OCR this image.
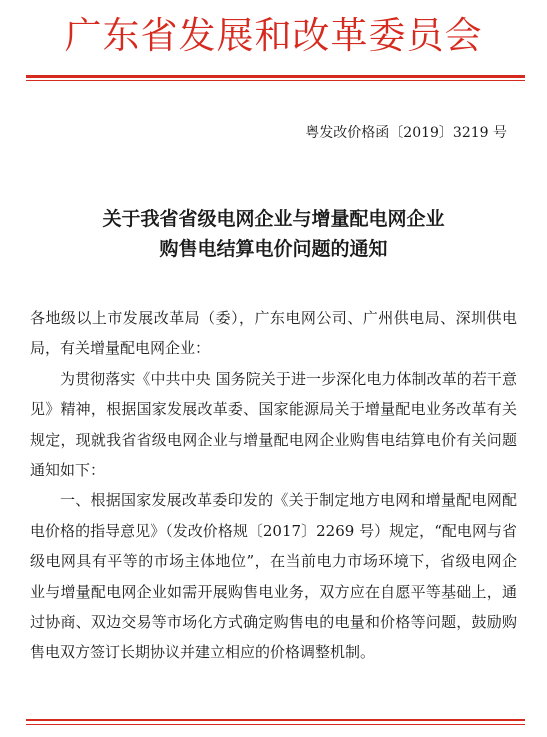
广东省发展和改革委员会
粤发改价格函〔2019〕3219 号
关于我省省级电网企业与增量配电网企业
购售电结算电价问题的通知

各地级以上市发展改革局（委），广东电网公司、广州供电局、深圳供电局，有关增量配电网企业：

为贯彻落实《中共中央 国务院关于进一步深化电力体制改革的若干意见》精神，根据国家发展改革委、国家能源局关于增量配电业务改革有关规定，现就我省省级电网企业与增量配电网企业购售电结算电价有关问题通知如下：

一、根据国家发展改革委印发的《关于制定地方电网和增量配电网配电价格的指导意见》（发改价格规〔2017〕2269 号）规定，“配电网与省级电网具有平等的市场主体地位”，在当前电力市场环境下，省级电网企业与增量配电网企业如需开展购售电业务，双方应在自愿平等基础上，通过协商、双边交易等市场化方式确定购售电的电量和价格等问题，鼓励购售电双方签订长期协议并建立相应的价格调整机制。
